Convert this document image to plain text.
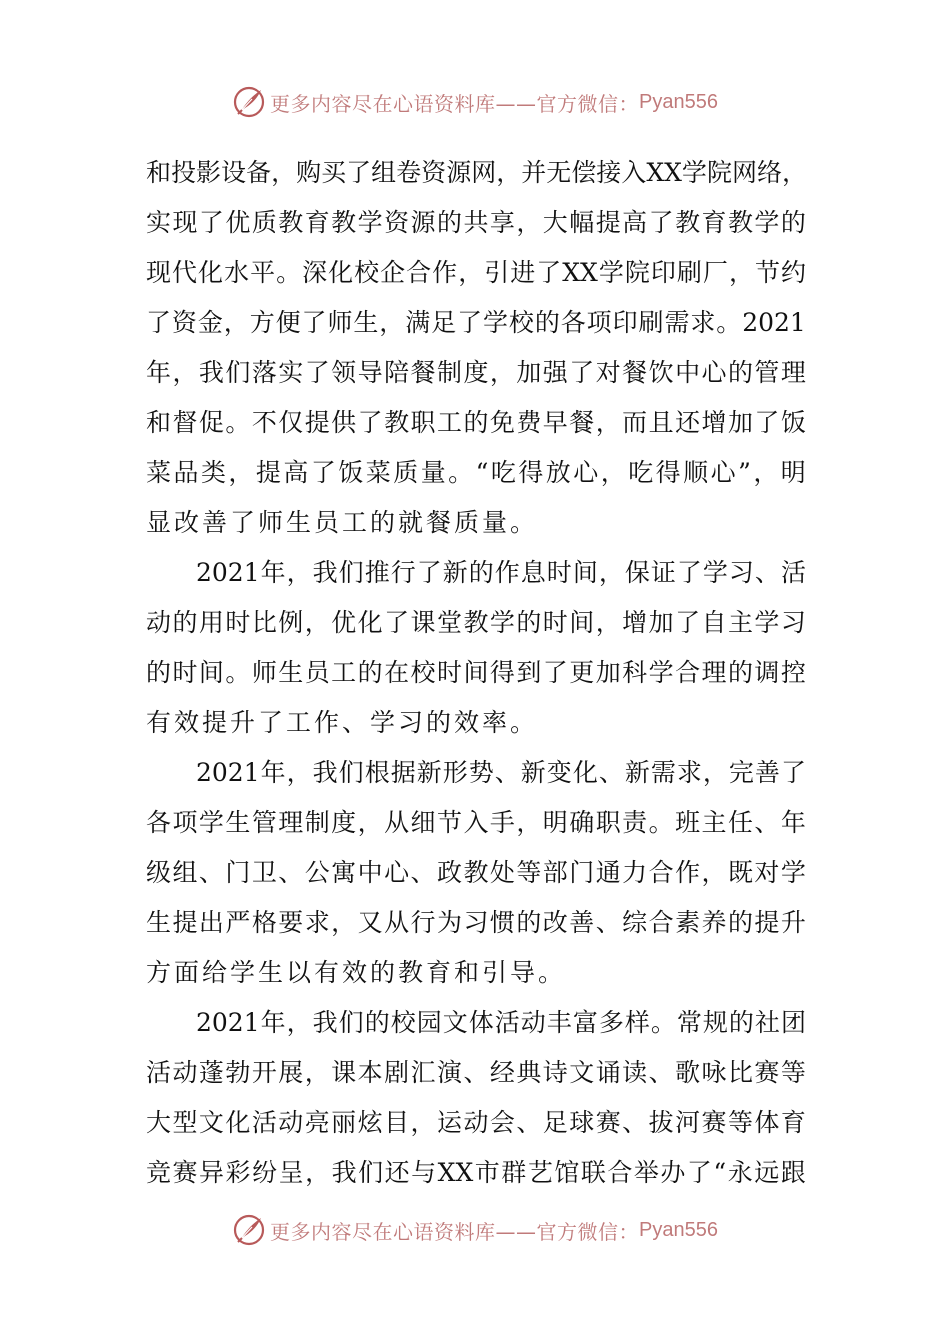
更多内容尽在心语资料库——官方微信： Pyan556
和 投 影 设 备 ， 购 买 了 组 卷 资 源 网 ， 并 无 偿 接 入 XX 学 院 网 络 ，
实 现 了 优 质 教 育 教 学 资 源 的 共 享 ， 大 幅 提 高 了 教 育 教 学 的
现 代 化 水 平 。 深 化 校 企 合 作 ， 引 进 了 XX 学 院 印 刷 厂 ， 节 约
了 资 金 ， 方 便 了 师 生 ， 满 足 了 学 校 的 各 项 印 刷 需 求 。 2021
年 ， 我 们 落 实 了 领 导 陪 餐 制 度 ， 加 强 了 对 餐 饮 中 心 的 管 理
和 督 促 。 不 仅 提 供 了 教 职 工 的 免 费 早 餐 ， 而 且 还 增 加 了 饭
菜 品 类 ， 提 高 了 饭 菜 质 量 。 “ 吃 得 放 心 ， 吃 得 顺 心 ” ， 明
显改善了师生员工的就餐质量。
2021 年 ， 我 们 推 行 了 新 的 作 息 时 间 ， 保 证 了 学 习 、 活
动 的 用 时 比 例 ， 优 化 了 课 堂 教 学 的 时 间 ， 增 加 了 自 主 学 习
的 时 间 。 师 生 员 工 的 在 校 时 间 得 到 了 更 加 科 学 合 理 的 调 控
有效提升了工作、学习的效率。
2021 年 ， 我 们 根 据 新 形 势 、 新 变 化 、 新 需 求 ， 完 善 了
各 项 学 生 管 理 制 度 ， 从 细 节 入 手 ， 明 确 职 责 。 班 主 任 、 年
级 组 、 门 卫 、 公 寓 中 心 、 政 教 处 等 部 门 通 力 合 作 ， 既 对 学
生 提 出 严 格 要 求 ， 又 从 行 为 习 惯 的 改 善 、 综 合 素 养 的 提 升
方面给学生以有效的教育和引导。
2021 年 ， 我 们 的 校 园 文 体 活 动 丰 富 多 样 。 常 规 的 社 团
活 动 蓬 勃 开 展 ， 课 本 剧 汇 演 、 经 典 诗 文 诵 读 、 歌 咏 比 赛 等
大 型 文 化 活 动 亮 丽 炫 目 ， 运 动 会 、 足 球 赛 、 拔 河 赛 等 体 育
竞 赛 异 彩 纷 呈 ， 我 们 还 与 XX 市 群 艺 馆 联 合 举 办 了 “ 永 远 跟
更多内容尽在心语资料库——官方微信： Pyan556
